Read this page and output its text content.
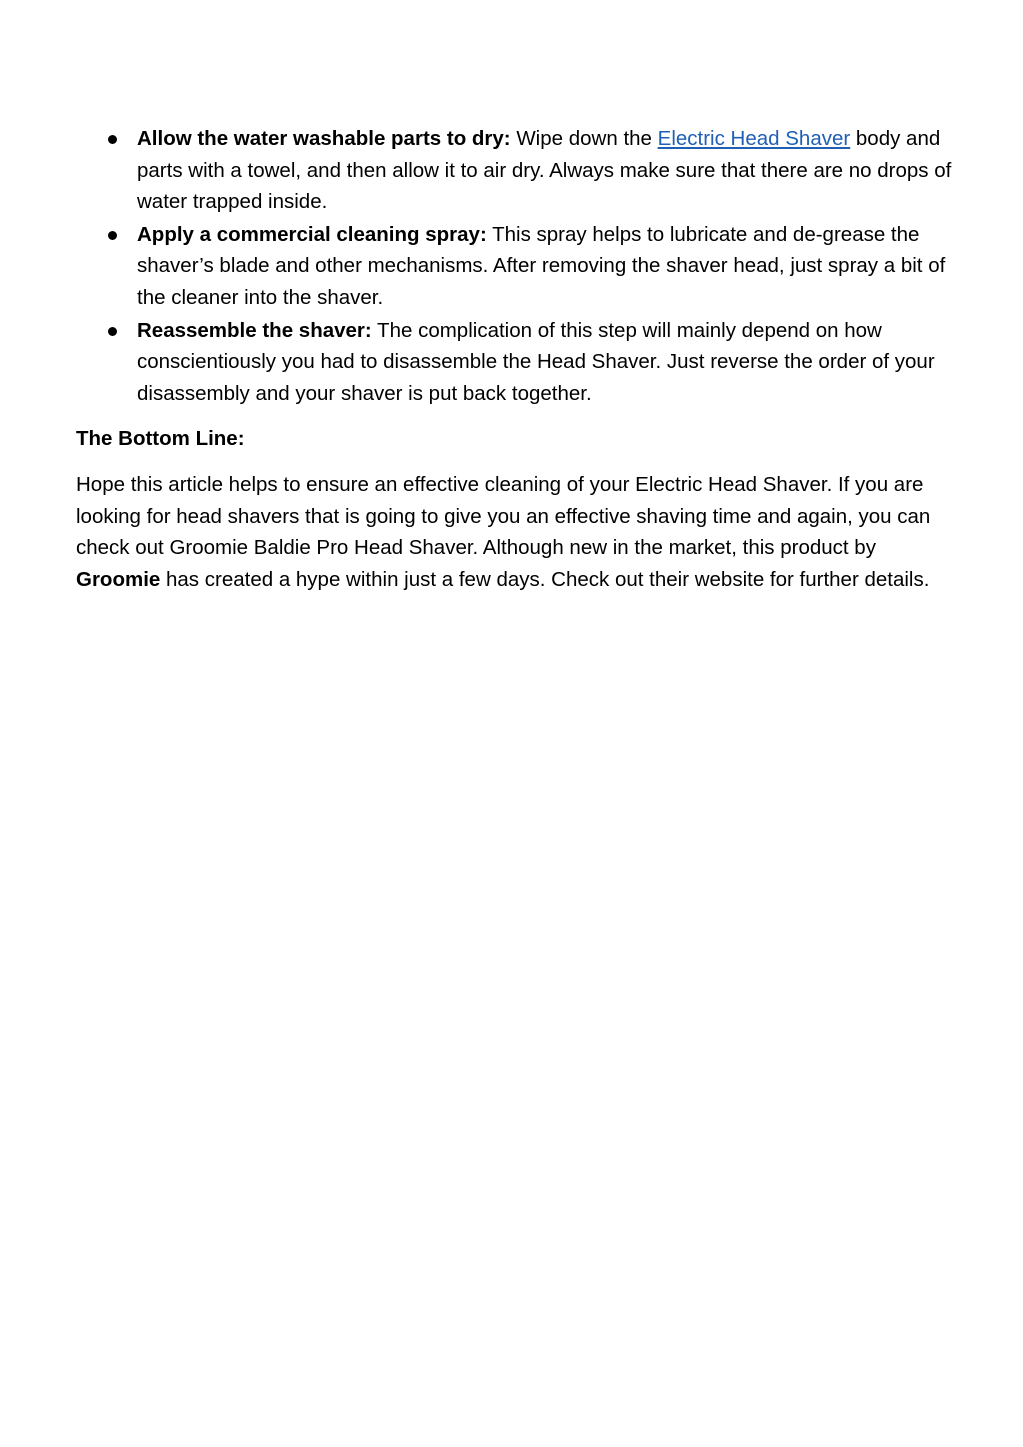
Allow the water washable parts to dry: Wipe down the Electric Head Shaver body and parts with a towel, and then allow it to air dry. Always make sure that there are no drops of water trapped inside.
Apply a commercial cleaning spray: This spray helps to lubricate and de-grease the shaver’s blade and other mechanisms. After removing the shaver head, just spray a bit of the cleaner into the shaver.
Reassemble the shaver: The complication of this step will mainly depend on how conscientiously you had to disassemble the Head Shaver. Just reverse the order of your disassembly and your shaver is put back together.
The Bottom Line:

Hope this article helps to ensure an effective cleaning of your Electric Head Shaver. If you are looking for head shavers that is going to give you an effective shaving time and again, you can check out Groomie Baldie Pro Head Shaver. Although new in the market, this product by Groomie has created a hype within just a few days. Check out their website for further details.
